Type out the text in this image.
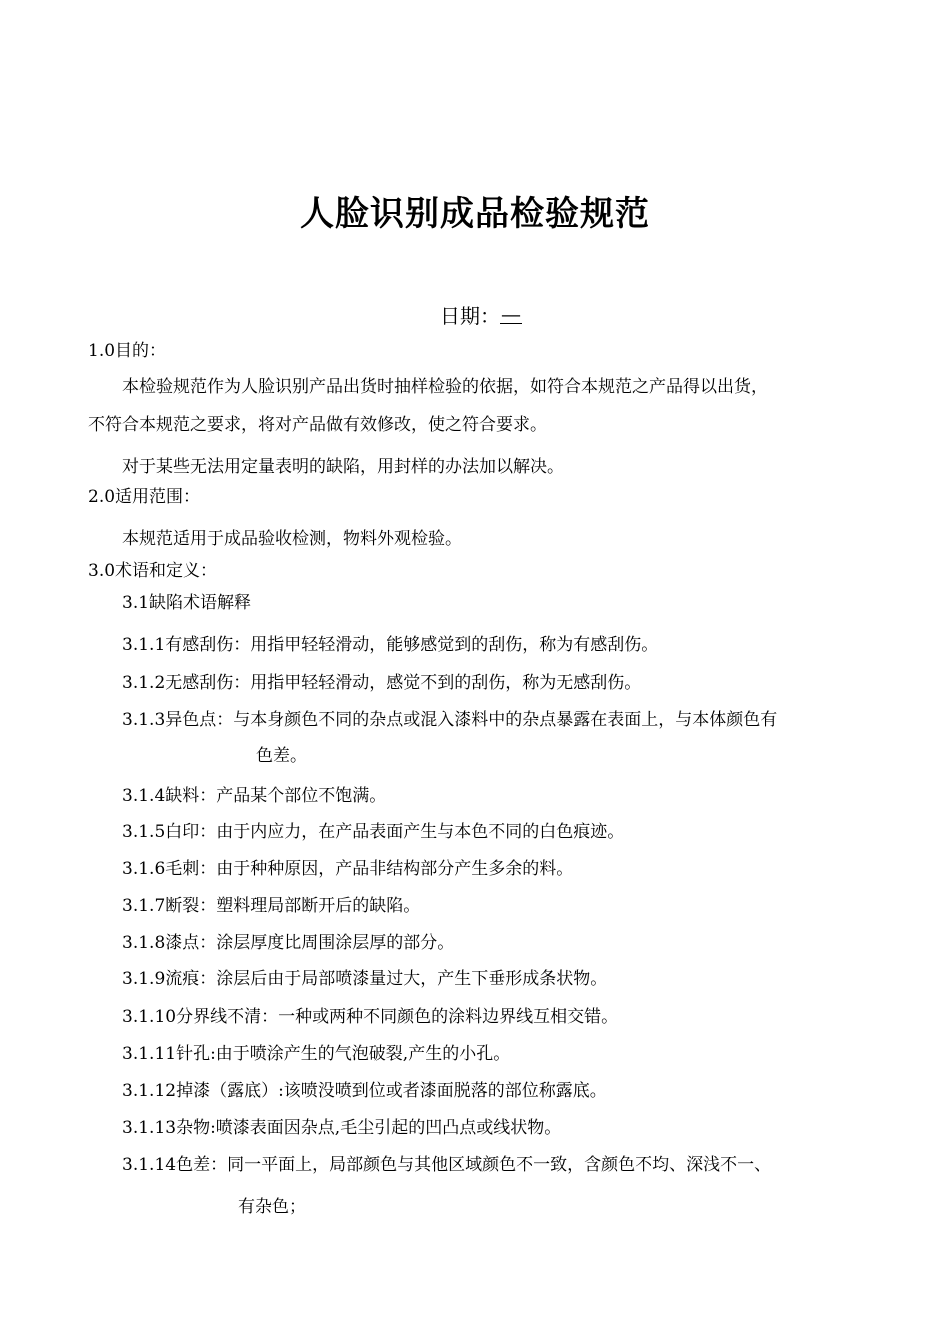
人脸识别成品检验规范
日期：—
1.0目的：
本检验规范作为人脸识别产品出货时抽样检验的依据，如符合本规范之产品得以出货，
不符合本规范之要求，将对产品做有效修改，使之符合要求。
对于某些无法用定量表明的缺陷，用封样的办法加以解决。
2.0适用范围：
本规范适用于成品验收检测，物料外观检验。
3.0术语和定义：
3.1缺陷术语解释
3.1.1有感刮伤：用指甲轻轻滑动，能够感觉到的刮伤，称为有感刮伤。
3.1.2无感刮伤：用指甲轻轻滑动，感觉不到的刮伤，称为无感刮伤。
3.1.3异色点：与本身颜色不同的杂点或混入漆料中的杂点暴露在表面上，与本体颜色有
色差。
3.1.4缺料：产品某个部位不饱满。
3.1.5白印：由于内应力，在产品表面产生与本色不同的白色痕迹。
3.1.6毛刺：由于种种原因，产品非结构部分产生多余的料。
3.1.7断裂：塑料理局部断开后的缺陷。
3.1.8漆点：涂层厚度比周围涂层厚的部分。
3.1.9流痕：涂层后由于局部喷漆量过大，产生下垂形成条状物。
3.1.10分界线不清：一种或两种不同颜色的涂料边界线互相交错。
3.1.11针孔:由于喷涂产生的气泡破裂,产生的小孔。
3.1.12掉漆（露底）:该喷没喷到位或者漆面脱落的部位称露底。
3.1.13杂物:喷漆表面因杂点,毛尘引起的凹凸点或线状物。
3.1.14色差：同一平面上，局部颜色与其他区域颜色不一致，含颜色不均、深浅不一、
有杂色；
